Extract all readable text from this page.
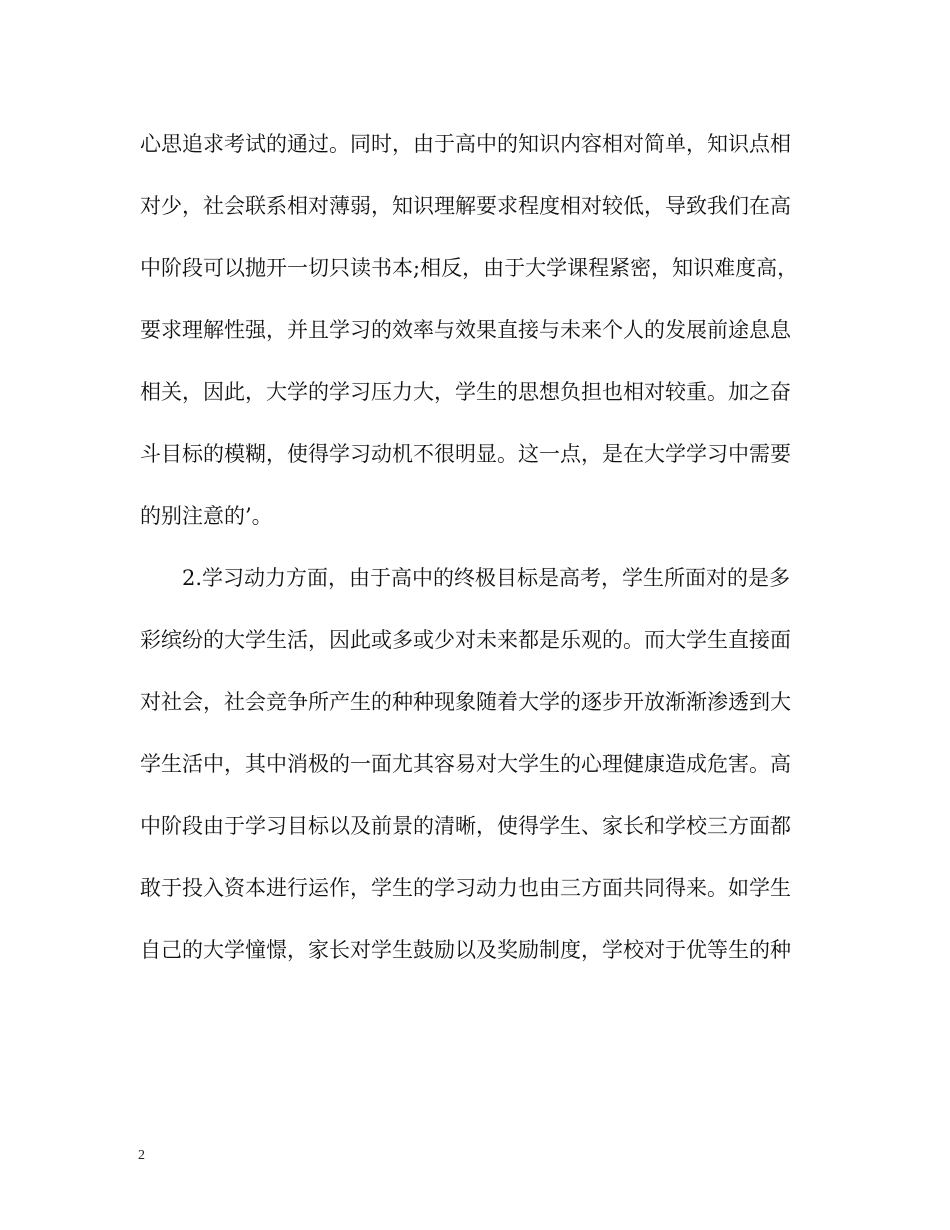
心思追求考试的通过。同时，由于高中的知识内容相对简单，知识点相
对少，社会联系相对薄弱，知识理解要求程度相对较低，导致我们在高
中阶段可以抛开一切只读书本;相反，由于大学课程紧密，知识难度高，
要求理解性强，并且学习的效率与效果直接与未来个人的发展前途息息
相关，因此，大学的学习压力大，学生的思想负担也相对较重。加之奋
斗目标的模糊，使得学习动机不很明显。这一点，是在大学学习中需要
的别注意的’。
2.学习动力方面，由于高中的终极目标是高考，学生所面对的是多
彩缤纷的大学生活，因此或多或少对未来都是乐观的。而大学生直接面
对社会，社会竞争所产生的种种现象随着大学的逐步开放渐渐渗透到大
学生活中，其中消极的一面尤其容易对大学生的心理健康造成危害。高
中阶段由于学习目标以及前景的清晰，使得学生、家长和学校三方面都
敢于投入资本进行运作，学生的学习动力也由三方面共同得来。如学生
自己的大学憧憬，家长对学生鼓励以及奖励制度，学校对于优等生的种
2
